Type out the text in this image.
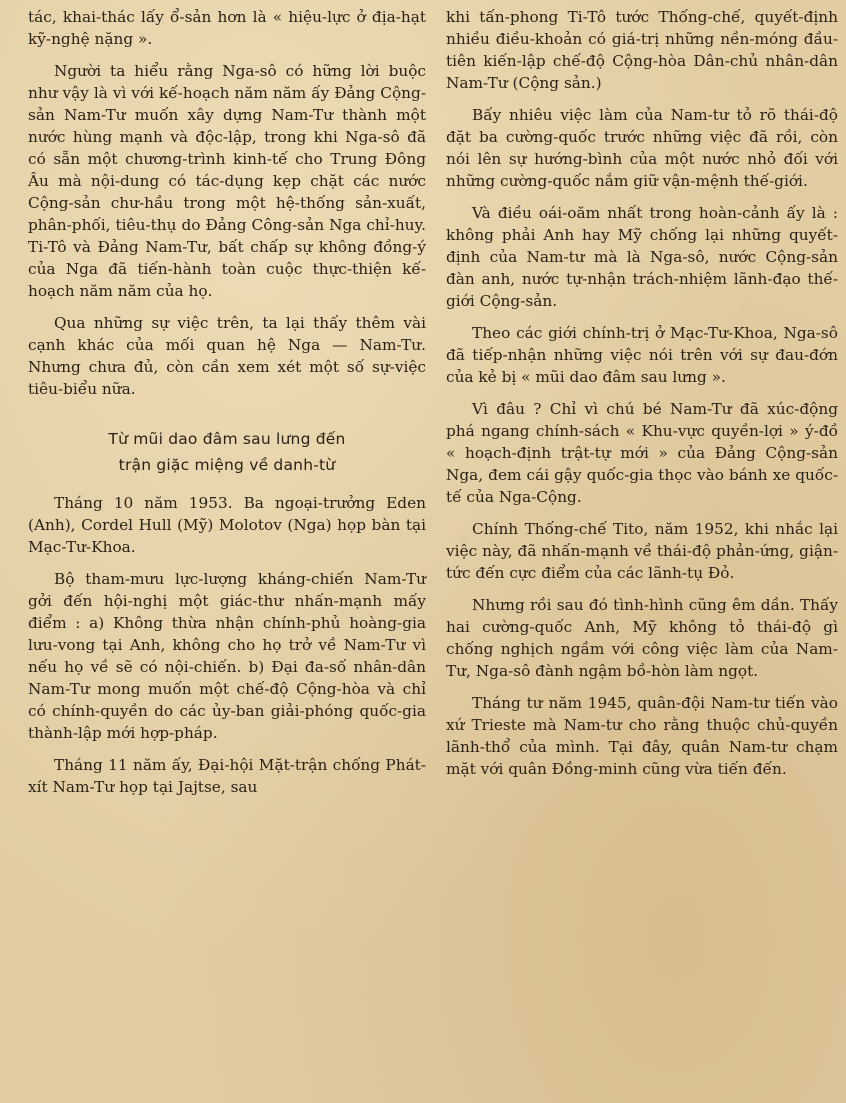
tác, khai-thác lấy ổ-sản hơn là « hiệu-lực ở địa-hạt kỹ-nghệ nặng ».

Người ta hiểu rằng Nga-sô có hững lời buộc như vậy là vì với kế-hoạch năm năm ấy Đảng Cộng-sản Nam-Tư muốn xây dựng Nam-Tư thành một nước hùng mạnh và độc-lập, trong khi Nga-sô đã có sẵn một chương-trình kinh-tế cho Trung Đông Âu mà nội-dung có tác-dụng kẹp chặt các nước Cộng-sản chư-hầu trong một hệ-thống sản-xuất, phân-phối, tiêu-thụ do Đảng Công-sản Nga chỉ-huy. Ti-Tô và Đảng Nam-Tư, bất chấp sự không đồng-ý của Nga đã tiến-hành toàn cuộc thực-thiện kế-hoạch năm năm của họ.

Qua những sự việc trên, ta lại thấy thêm vài cạnh khác của mối quan hệ Nga — Nam-Tư. Nhưng chưa đủ, còn cần xem xét một số sự-việc tiêu-biểu nữa.

Từ mũi dao đâm sau lưng đến
trận giặc miệng về danh-từ

Tháng 10 năm 1953. Ba ngoại-trưởng Eden (Anh), Cordel Hull (Mỹ) Molotov (Nga) họp bàn tại Mạc-Tư-Khoa.

Bộ tham-mưu lực-lượng kháng-chiến Nam-Tư gởi đến hội-nghị một giác-thư nhấn-mạnh mấy điểm : a) Không thừa nhận chính-phủ hoàng-gia lưu-vong tại Anh, không cho họ trở về Nam-Tư vì nếu họ về sẽ có nội-chiến. b) Đại đa-số nhân-dân Nam-Tư mong muốn một chế-độ Cộng-hòa và chỉ có chính-quyền do các ủy-ban giải-phóng quốc-gia thành-lập mới hợp-pháp.

Tháng 11 năm ấy, Đại-hội Mặt-trận chống Phát-xít Nam-Tư họp tại Jajtse, sau

khi tấn-phong Ti-Tô tước Thống-chế, quyết-định nhiều điều-khoản có giá-trị những nền-móng đầu-tiên kiến-lập chế-độ Cộng-hòa Dân-chủ nhân-dân Nam-Tư (Cộng sản.)

Bấy nhiêu việc làm của Nam-tư tỏ rõ thái-độ đặt ba cường-quốc trước những việc đã rồi, còn nói lên sự hướng-bình của một nước nhỏ đối với những cường-quốc nắm giữ vận-mệnh thế-giới.

Và điều oái-oăm nhất trong hoàn-cảnh ấy là : không phải Anh hay Mỹ chống lại những quyết-định của Nam-tư mà là Nga-sô, nước Cộng-sản đàn anh, nước tự-nhận trách-nhiệm lãnh-đạo thế-giới Cộng-sản.

Theo các giới chính-trị ở Mạc-Tư-Khoa, Nga-sô đã tiếp-nhận những việc nói trên với sự đau-đớn của kẻ bị « mũi dao đâm sau lưng ».

Vì đâu ? Chỉ vì chú bé Nam-Tư đã xúc-động phá ngang chính-sách « Khu-vực quyền-lợi » ý-đồ « hoạch-định trật-tự mới » của Đảng Cộng-sản Nga, đem cái gậy quốc-gia thọc vào bánh xe quốc-tế của Nga-Cộng.

Chính Thống-chế Tito, năm 1952, khi nhắc lại việc này, đã nhấn-mạnh về thái-độ phản-ứng, giận-tức đến cực điểm của các lãnh-tụ Đỏ.

Nhưng rồi sau đó tình-hình cũng êm dần. Thấy hai cường-quốc Anh, Mỹ không tỏ thái-độ gì chống nghịch ngầm với công việc làm của Nam-Tư, Nga-sô đành ngậm bồ-hòn làm ngọt.

Tháng tư năm 1945, quân-đội Nam-tư tiến vào xứ Trieste mà Nam-tư cho rằng thuộc chủ-quyền lãnh-thổ của mình. Tại đây, quân Nam-tư chạm mặt với quân Đồng-minh cũng vừa tiến đến.
